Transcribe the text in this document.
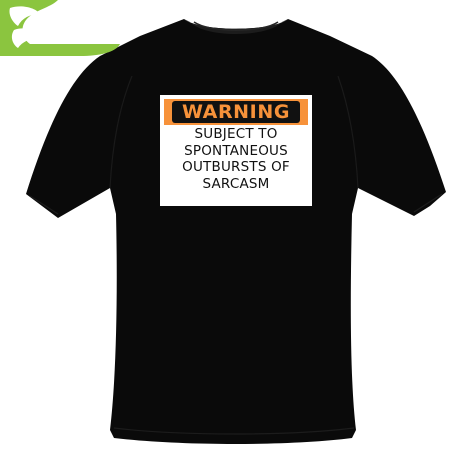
leisure t shirt
WARNING
SUBJECT TO
SPONTANEOUS
OUTBURSTS OF
SARCASM
